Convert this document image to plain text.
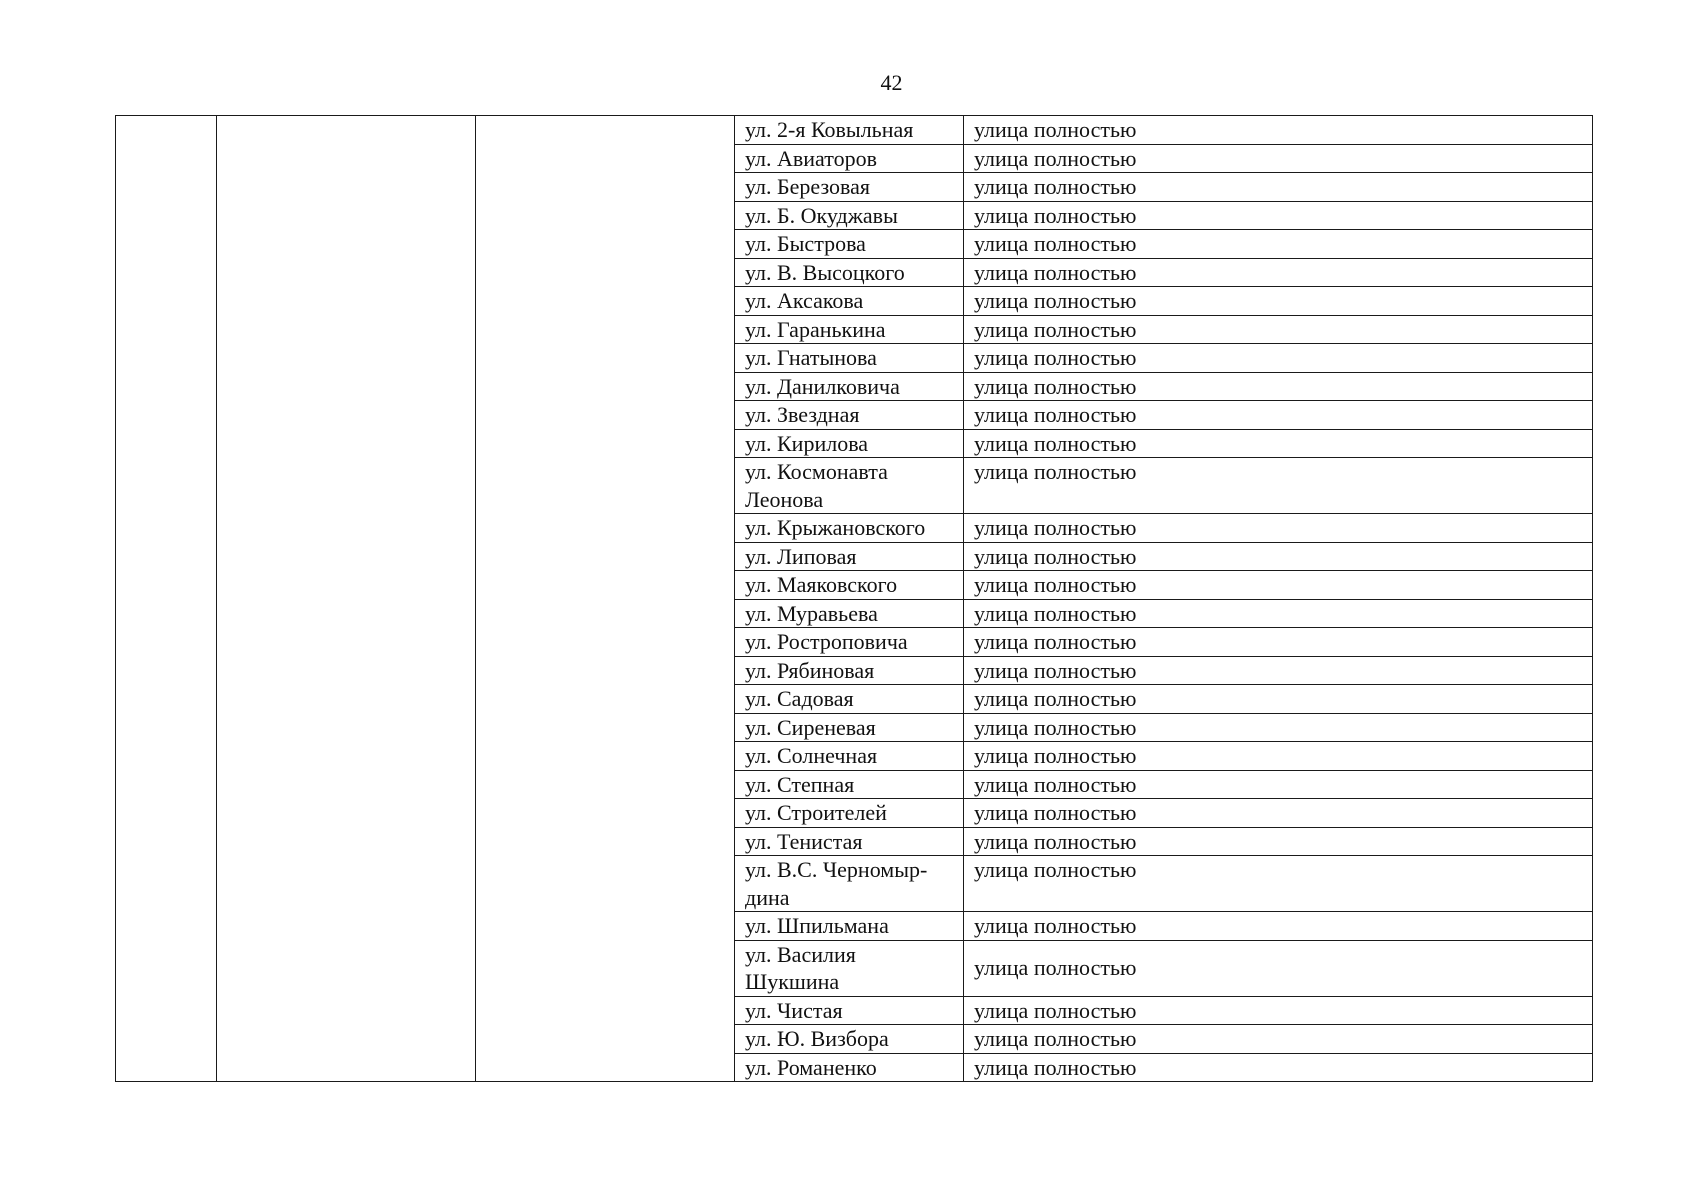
42
			ул. 2-я Ковыльная	улица полностью
			ул. Авиаторов	улица полностью
			ул. Березовая	улица полностью
			ул. Б. Окуджавы	улица полностью
			ул. Быстрова	улица полностью
			ул. В. Высоцкого	улица полностью
			ул. Аксакова	улица полностью
			ул. Гаранькина	улица полностью
			ул. Гнатынова	улица полностью
			ул. Данилковича	улица полностью
			ул. Звездная	улица полностью
			ул. Кирилова	улица полностью
			ул. Космонавта Леонова	улица полностью
			ул. Крыжановского	улица полностью
			ул. Липовая	улица полностью
			ул. Маяковского	улица полностью
			ул. Муравьева	улица полностью
			ул. Ростроповича	улица полностью
			ул. Рябиновая	улица полностью
			ул. Садовая	улица полностью
			ул. Сиреневая	улица полностью
			ул. Солнечная	улица полностью
			ул. Степная	улица полностью
			ул. Строителей	улица полностью
			ул. Тенистая	улица полностью
			ул. В.С. Черномыр-дина	улица полностью
			ул. Шпильмана	улица полностью
			ул. Василия Шукшина	улица полностью
			ул. Чистая	улица полностью
			ул. Ю. Визбора	улица полностью
			ул. Романенко	улица полностью
